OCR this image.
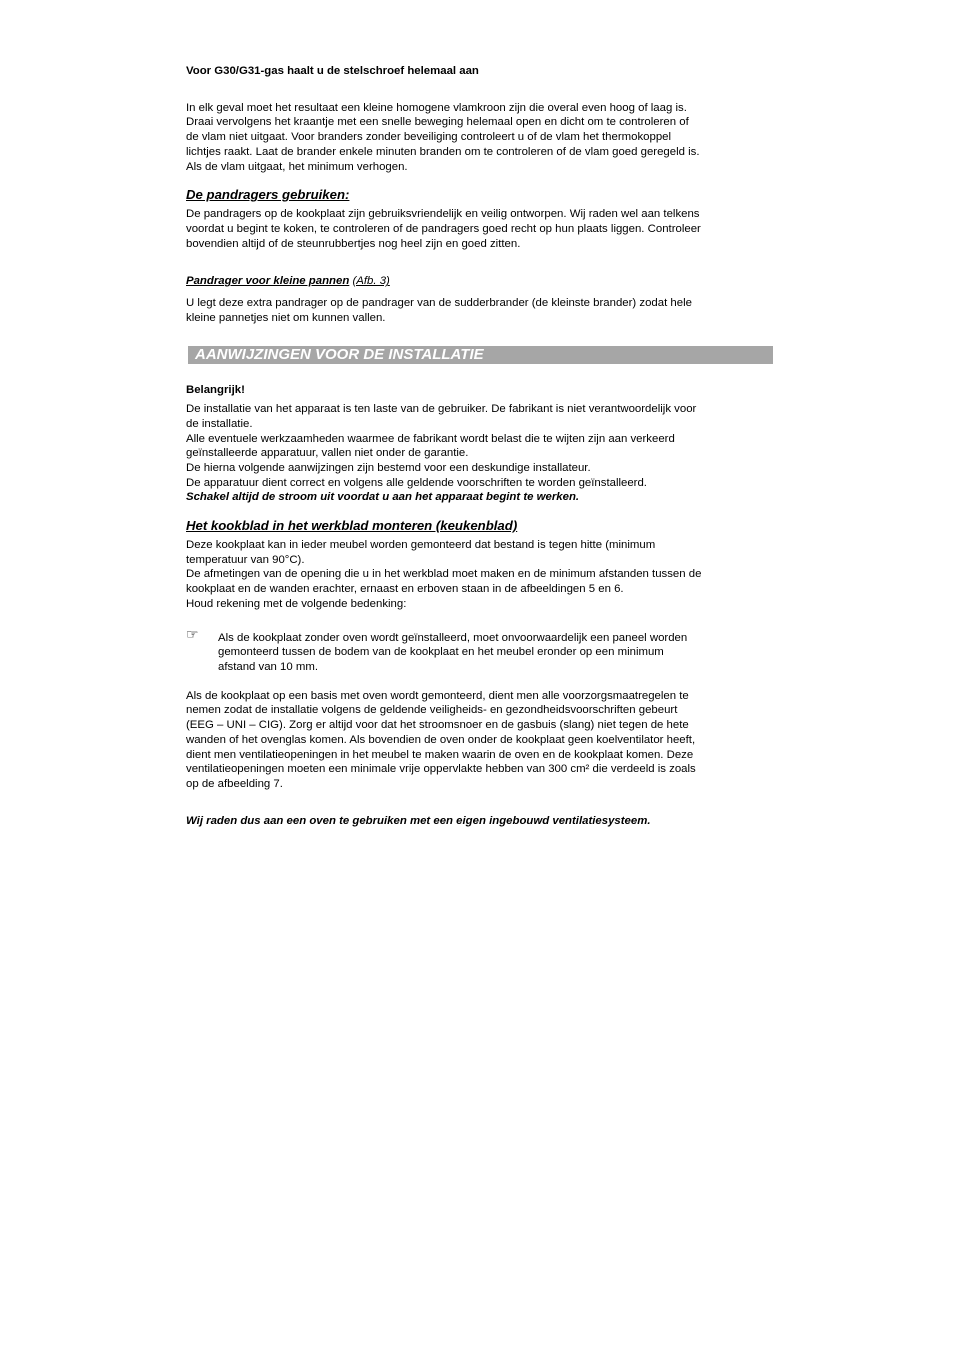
Voor G30/G31-gas haalt u de stelschroef helemaal aan

In elk geval moet het resultaat een kleine homogene vlamkroon zijn die overal even hoog of laag is.
Draai vervolgens het kraantje met een snelle beweging helemaal open en dicht om te controleren of
de vlam niet uitgaat. Voor branders zonder beveiliging controleert u of de vlam het thermokoppel
lichtjes raakt. Laat de brander enkele minuten branden om te controleren of de vlam goed geregeld is.
Als de vlam uitgaat, het minimum verhogen.

De pandragers gebruiken:

De pandragers op de kookplaat zijn gebruiksvriendelijk en veilig ontworpen. Wij raden wel aan telkens
voordat u begint te koken, te controleren of de pandragers goed recht op hun plaats liggen. Controleer
bovendien altijd of de steunrubbertjes nog heel zijn en goed zitten.

Pandrager voor kleine pannen (Afb. 3)

U legt deze extra pandrager op de pandrager van de sudderbrander (de kleinste brander) zodat hele
kleine pannetjes niet om kunnen vallen.

AANWIJZINGEN VOOR DE INSTALLATIE

Belangrijk!

De installatie van het apparaat is ten laste van de gebruiker. De fabrikant is niet verantwoordelijk voor
de installatie.
Alle eventuele werkzaamheden waarmee de fabrikant wordt belast die te wijten zijn aan verkeerd
geïnstalleerde apparatuur, vallen niet onder de garantie.
De hierna volgende aanwijzingen zijn bestemd voor een deskundige installateur.
De apparatuur dient correct en volgens alle geldende voorschriften te worden geïnstalleerd.

Schakel altijd de stroom uit voordat u aan het apparaat begint te werken.

Het kookblad in het werkblad monteren (keukenblad)

Deze kookplaat kan in ieder meubel worden gemonteerd dat bestand is tegen hitte (minimum
temperatuur van 90°C).
De afmetingen van de opening die u in het werkblad moet maken en de minimum afstanden tussen de
kookplaat en de wanden erachter, ernaast en erboven staan in de afbeeldingen 5 en 6.
Houd rekening met de volgende bedenking:

☞ Als de kookplaat zonder oven wordt geïnstalleerd, moet onvoorwaardelijk een paneel worden
gemonteerd tussen de bodem van de kookplaat en het meubel eronder op een minimum
afstand van 10 mm.

Als de kookplaat op een basis met oven wordt gemonteerd, dient men alle voorzorgsmaatregelen te
nemen zodat de installatie volgens de geldende veiligheids- en gezondheidsvoorschriften gebeurt
(EEG – UNI – CIG). Zorg er altijd voor dat het stroomsnoer en de gasbuis (slang) niet tegen de hete
wanden of het ovenglas komen. Als bovendien de oven onder de kookplaat geen koelventilator heeft,
dient men ventilatieopeningen in het meubel te maken waarin de oven en de kookplaat komen. Deze
ventilatieopeningen moeten een minimale vrije oppervlakte hebben van 300 cm² die verdeeld is zoals
op de afbeelding 7.

Wij raden dus aan een oven te gebruiken met een eigen ingebouwd ventilatiesysteem.
